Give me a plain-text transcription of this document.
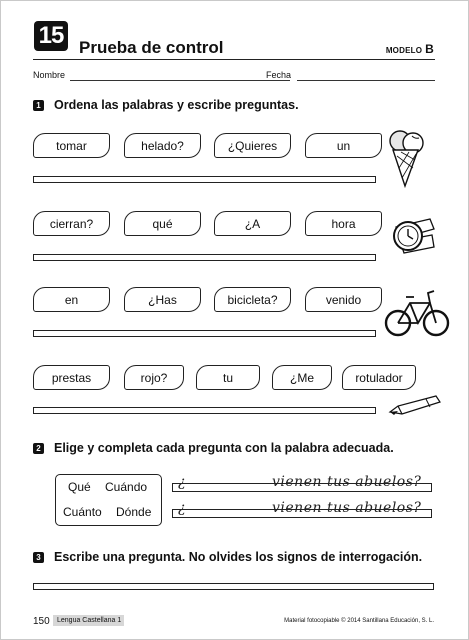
15 Prueba de control	MODELO B
Nombre	Fecha
1 Ordena las palabras y escribe preguntas.
tomar	helado?	¿Quieres	un
cierran?	qué	¿A	hora
en	¿Has	bicicleta?	venido
prestas	rojo?	tu	¿Me	rotulador
2 Elige y completa cada pregunta con la palabra adecuada.
Qué Cuándo
Cuánto Dónde
¿	vienen tus abuelos?
¿	vienen tus abuelos?
3 Escribe una pregunta. No olvides los signos de interrogación.
150	Lengua Castellana 1	Material fotocopiable © 2014 Santillana Educación, S. L.
